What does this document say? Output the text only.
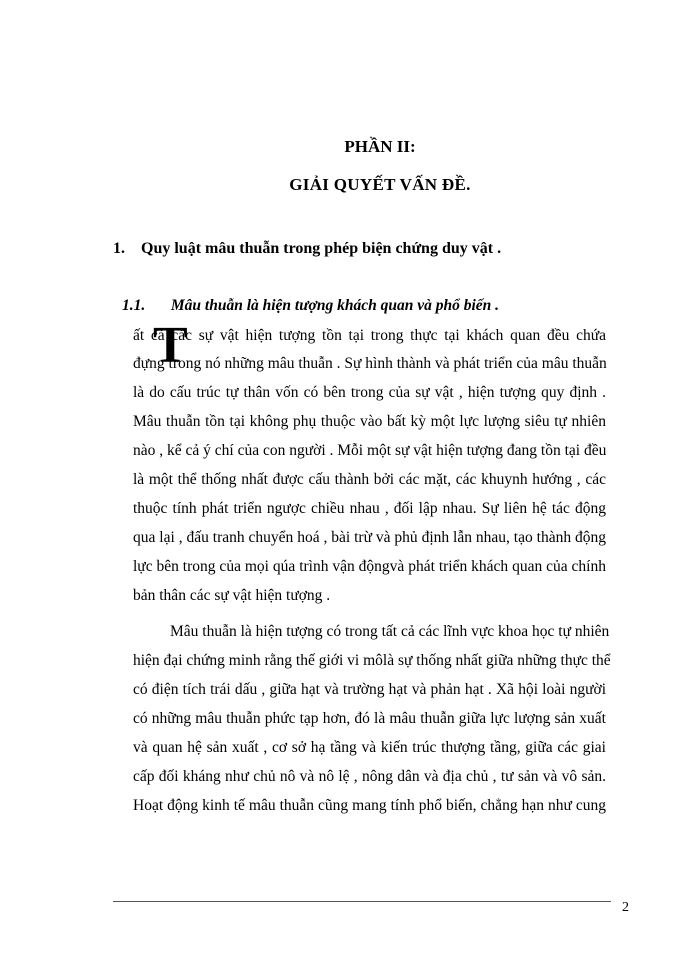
PHẦN II:
GIẢI QUYẾT VẤN ĐỀ.
1. Quy luật mâu thuẫn trong phép biện chứng duy vật .
1.1. Mâu thuẫn là hiện tượng khách quan và phổ biến .
T
ất cả các sự vật hiện tượng tồn tại trong thực tại khách quan đều chứa
đựng trong nó những mâu thuẫn . Sự hình thành và phát triển của mâu thuẫn
là do cấu trúc tự thân vốn có bên trong của sự vật , hiện tượng quy định .
Mâu thuẫn tồn tại không phụ thuộc vào bất kỳ một lực lượng siêu tự nhiên
nào , kể cả ý chí của con người . Mỗi một sự vật hiện tượng đang tồn tại đều
là một thể thống nhất được cấu thành bởi các mặt, các khuynh hướng , các
thuộc tính phát triển ngược chiều nhau , đối lập nhau. Sự liên hệ tác động
qua lại , đấu tranh chuyển hoá , bài trừ và phủ định lẫn nhau, tạo thành động
lực bên trong của mọi qúa trình vận độngvà phát triển khách quan của chính
bản thân các sự vật hiện tượng .
Mâu thuẫn là hiện tượng có trong tất cả các lĩnh vực khoa học tự nhiên
hiện đại chứng minh rằng thế giới vi môlà sự thống nhất giữa những thực thể
có điện tích trái dấu , giữa hạt và trường hạt và phản hạt . Xã hội loài người
có những mâu thuẫn phức tạp hơn, đó là mâu thuẫn giữa lực lượng sản xuất
và quan hệ sản xuất , cơ sở hạ tầng và kiến trúc thượng tầng, giữa các giai
cấp đối kháng như chủ nô và nô lệ , nông dân và địa chủ , tư sản và vô sản.
Hoạt động kinh tế mâu thuẫn cũng mang tính phổ biến, chẳng hạn như cung
2
